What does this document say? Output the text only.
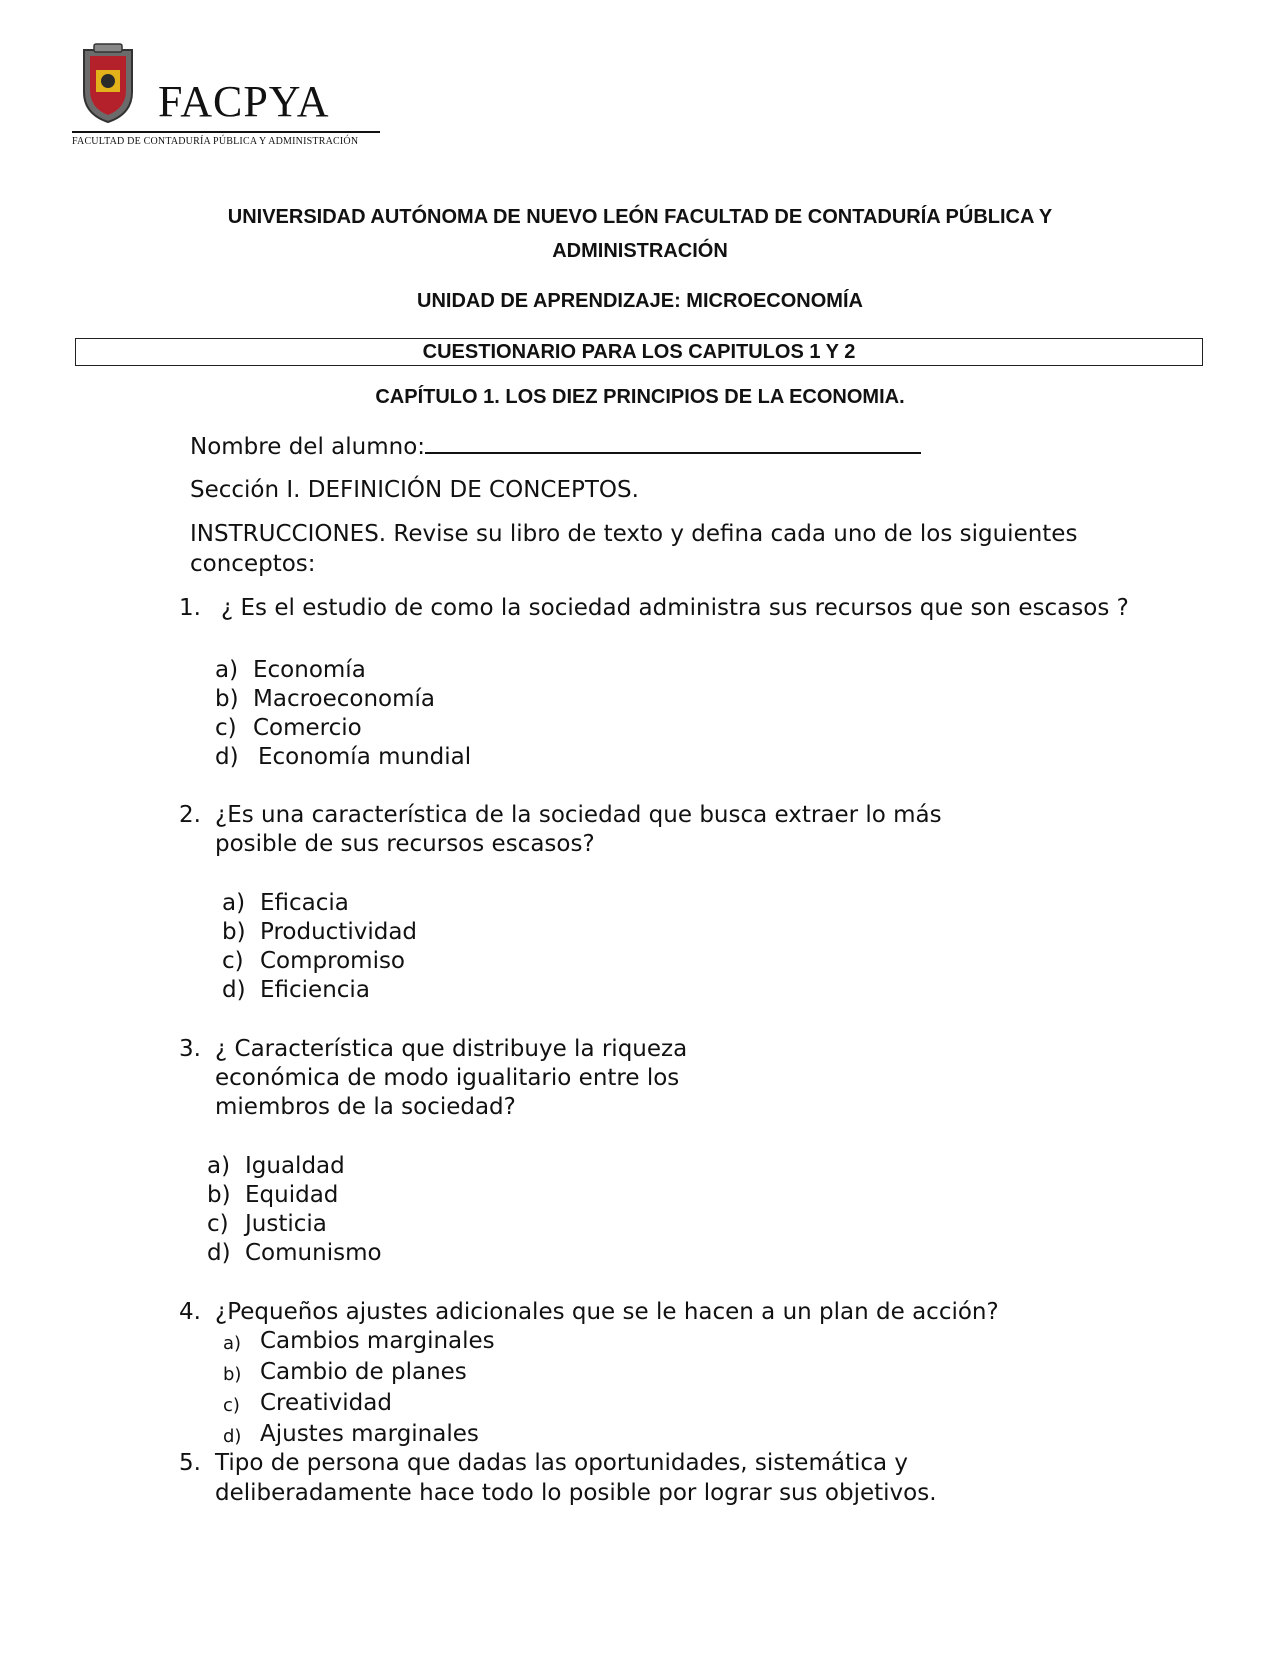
FACPYA
FACULTAD DE CONTADURÍA PÚBLICA Y ADMINISTRACIÓN
UNIVERSIDAD AUTÓNOMA DE NUEVO LEÓN FACULTAD DE CONTADURÍA PÚBLICA Y
ADMINISTRACIÓN
UNIDAD DE APRENDIZAJE: MICROECONOMÍA
CUESTIONARIO PARA LOS CAPITULOS 1 Y 2
CAPÍTULO 1. LOS DIEZ PRINCIPIOS DE LA ECONOMIA.
Nombre del alumno:
Sección I. DEFINICIÓN DE CONCEPTOS.
INSTRUCCIONES. Revise su libro de texto y defina cada uno de los siguientes
conceptos:
1. ¿ Es el estudio de como la sociedad administra sus recursos que son escasos ?
a) Economía
b) Macroeconomía
c) Comercio
d) Economía mundial
2. ¿Es una característica de la sociedad que busca extraer lo más
posible de sus recursos escasos?
a) Eficacia
b) Productividad
c) Compromiso
d) Eficiencia
3. ¿ Característica que distribuye la riqueza
económica de modo igualitario entre los
miembros de la sociedad?
a) Igualdad
b) Equidad
c) Justicia
d) Comunismo
4. ¿Pequeños ajustes adicionales que se le hacen a un plan de acción?
a) Cambios marginales
b) Cambio de planes
c) Creatividad
d) Ajustes marginales
5. Tipo de persona que dadas las oportunidades, sistemática y
deliberadamente hace todo lo posible por lograr sus objetivos.
